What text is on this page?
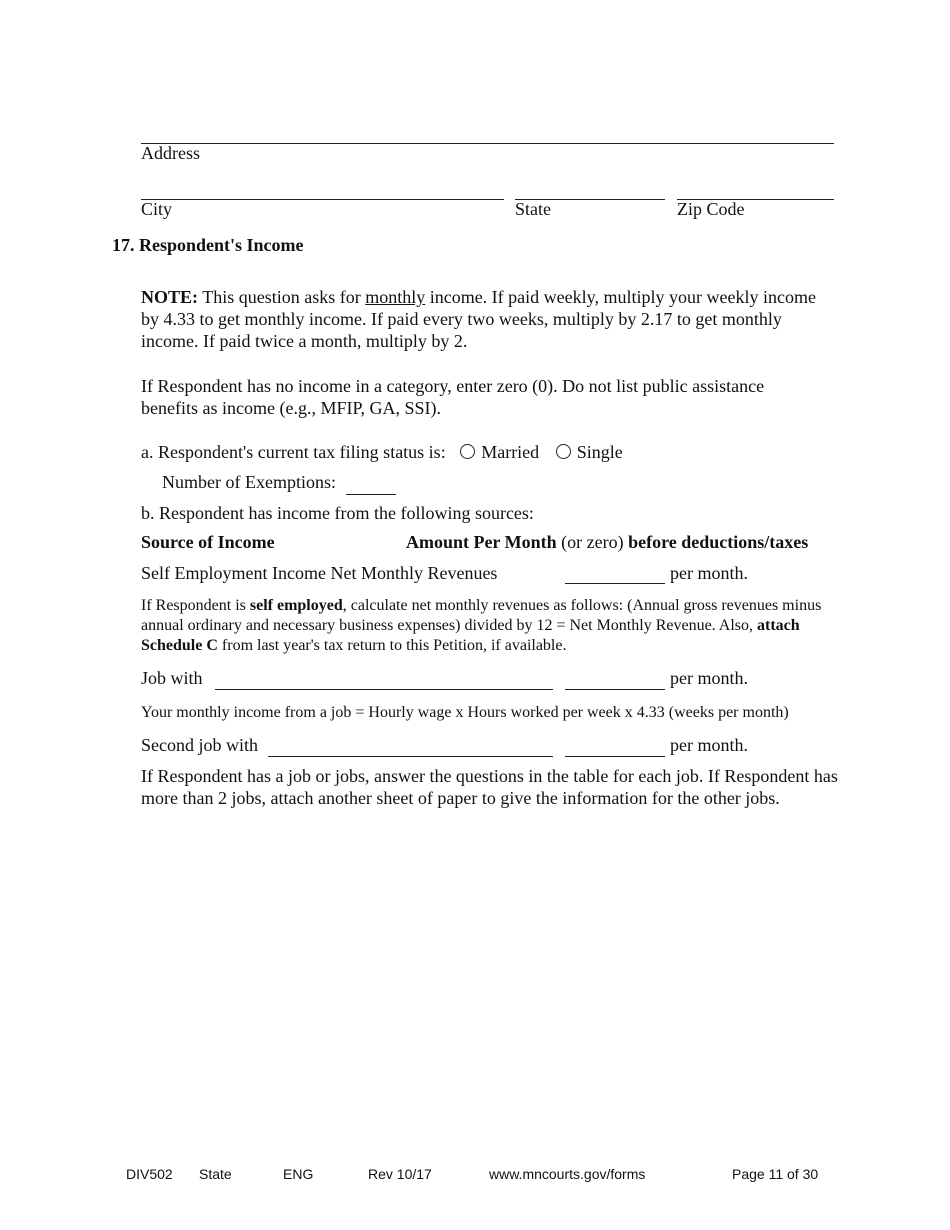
Address
City	State	Zip Code
17. Respondent's Income
NOTE: This question asks for monthly income. If paid weekly, multiply your weekly income by 4.33 to get monthly income. If paid every two weeks, multiply by 2.17 to get monthly income. If paid twice a month, multiply by 2.
If Respondent has no income in a category, enter zero (0). Do not list public assistance benefits as income (e.g., MFIP, GA, SSI).
a. Respondent's current tax filing status is: Married Single
Number of Exemptions:
b. Respondent has income from the following sources:
Source of Income	Amount Per Month (or zero) before deductions/taxes
Self Employment Income Net Monthly Revenues	per month.
If Respondent is self employed, calculate net monthly revenues as follows: (Annual gross revenues minus annual ordinary and necessary business expenses) divided by 12 = Net Monthly Revenue. Also, attach Schedule C from last year's tax return to this Petition, if available.
Job with	per month.
Your monthly income from a job = Hourly wage x Hours worked per week x 4.33 (weeks per month)
Second job with	per month.
If Respondent has a job or jobs, answer the questions in the table for each job. If Respondent has more than 2 jobs, attach another sheet of paper to give the information for the other jobs.
DIV502 State	ENG	Rev 10/17	www.mncourts.gov/forms	Page 11 of 30
